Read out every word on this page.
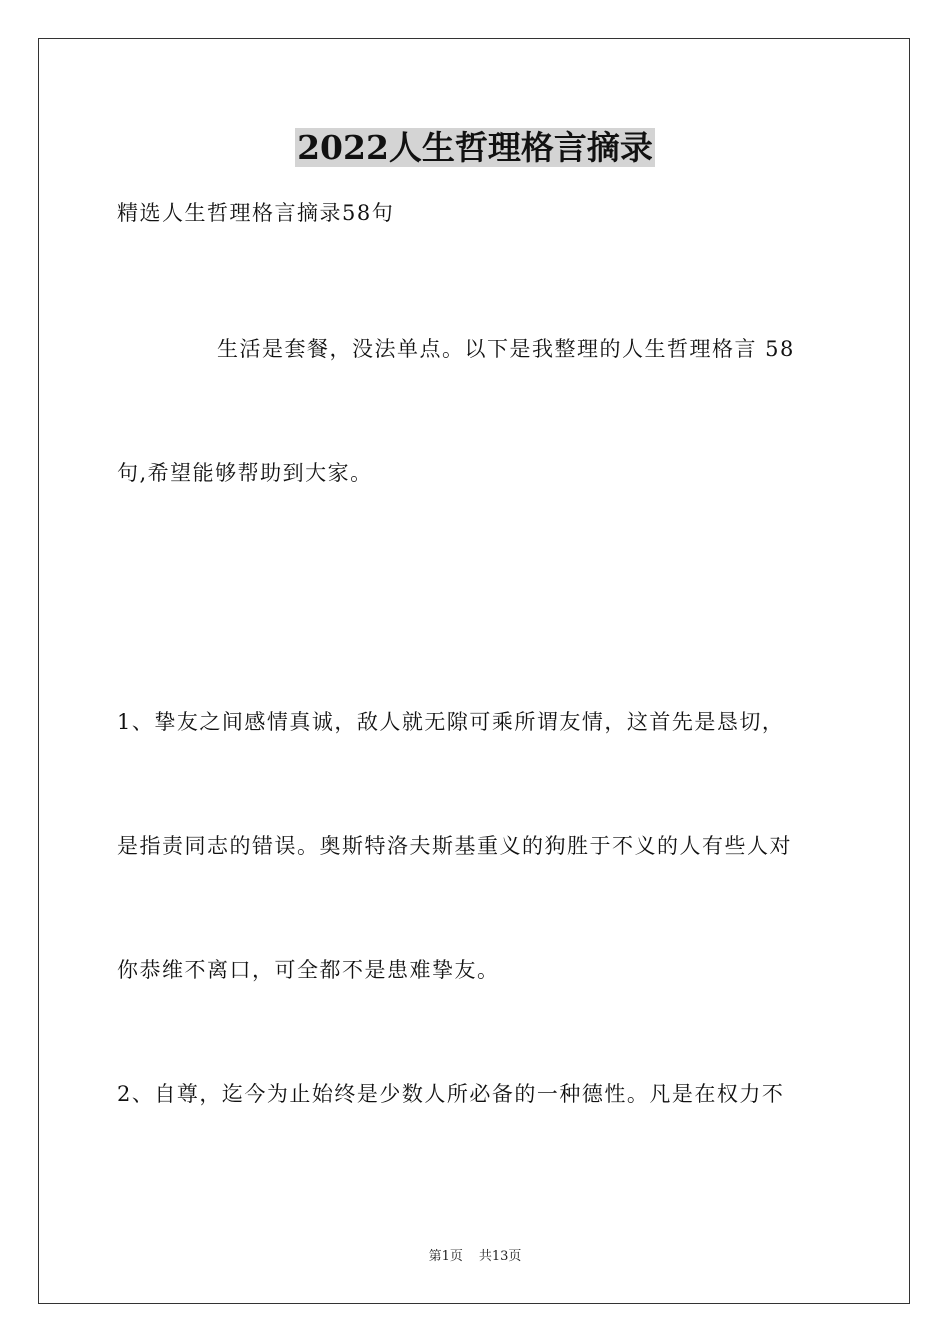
2022人生哲理格言摘录
精选人生哲理格言摘录58句
生活是套餐，没法单点。以下是我整理的人生哲理格言 58
句,希望能够帮助到大家。
1、挚友之间感情真诚，敌人就无隙可乘所谓友情，这首先是恳切，
是指责同志的错误。奥斯特洛夫斯基重义的狗胜于不义的人有些人对
你恭维不离口，可全都不是患难挚友。
2、自尊，迄今为止始终是少数人所必备的一种德性。凡是在权力不
第1页 共13页
